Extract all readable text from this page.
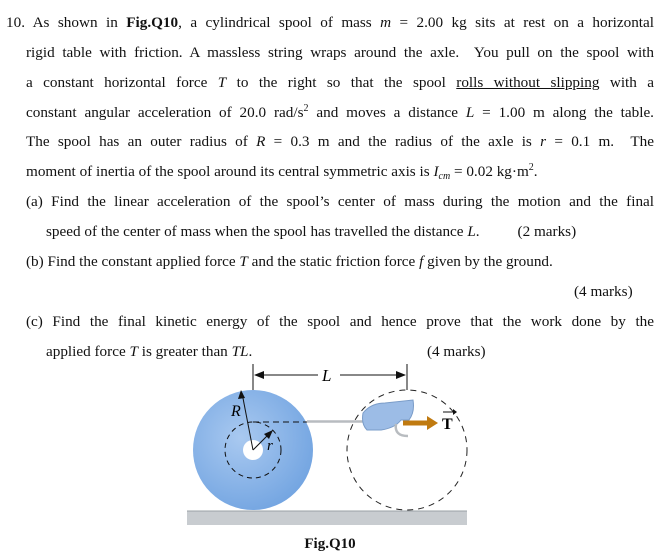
10. As shown in Fig.Q10, a cylindrical spool of mass m = 2.00 kg sits at rest on a horizontal
rigid table with friction. A massless string wraps around the axle.  You pull on the spool with
a constant horizontal force T to the right so that the spool rolls without slipping with a
constant angular acceleration of 20.0 rad/$s^2$ and moves a distance L = 1.00 m along the table.
The spool has an outer radius of R = 0.3 m and the radius of the axle is r = 0.1 m.  The
moment of inertia of the spool around its central symmetric axis is $I_{cm} = 0.02$ $kg\cdot m^2$.
(a) Find the linear acceleration of the spool’s center of mass during the motion and the final
speed of the center of mass when the spool has travelled the distance L.          (2 marks)
(b) Find the constant applied force T and the static friction force f given by the ground.
(4 marks)
(c) Find the final kinetic energy of the spool and hence prove that the work done by the
applied force T is greater than TL.                                              (4 marks)
R
r
L
T
Fig.Q10
